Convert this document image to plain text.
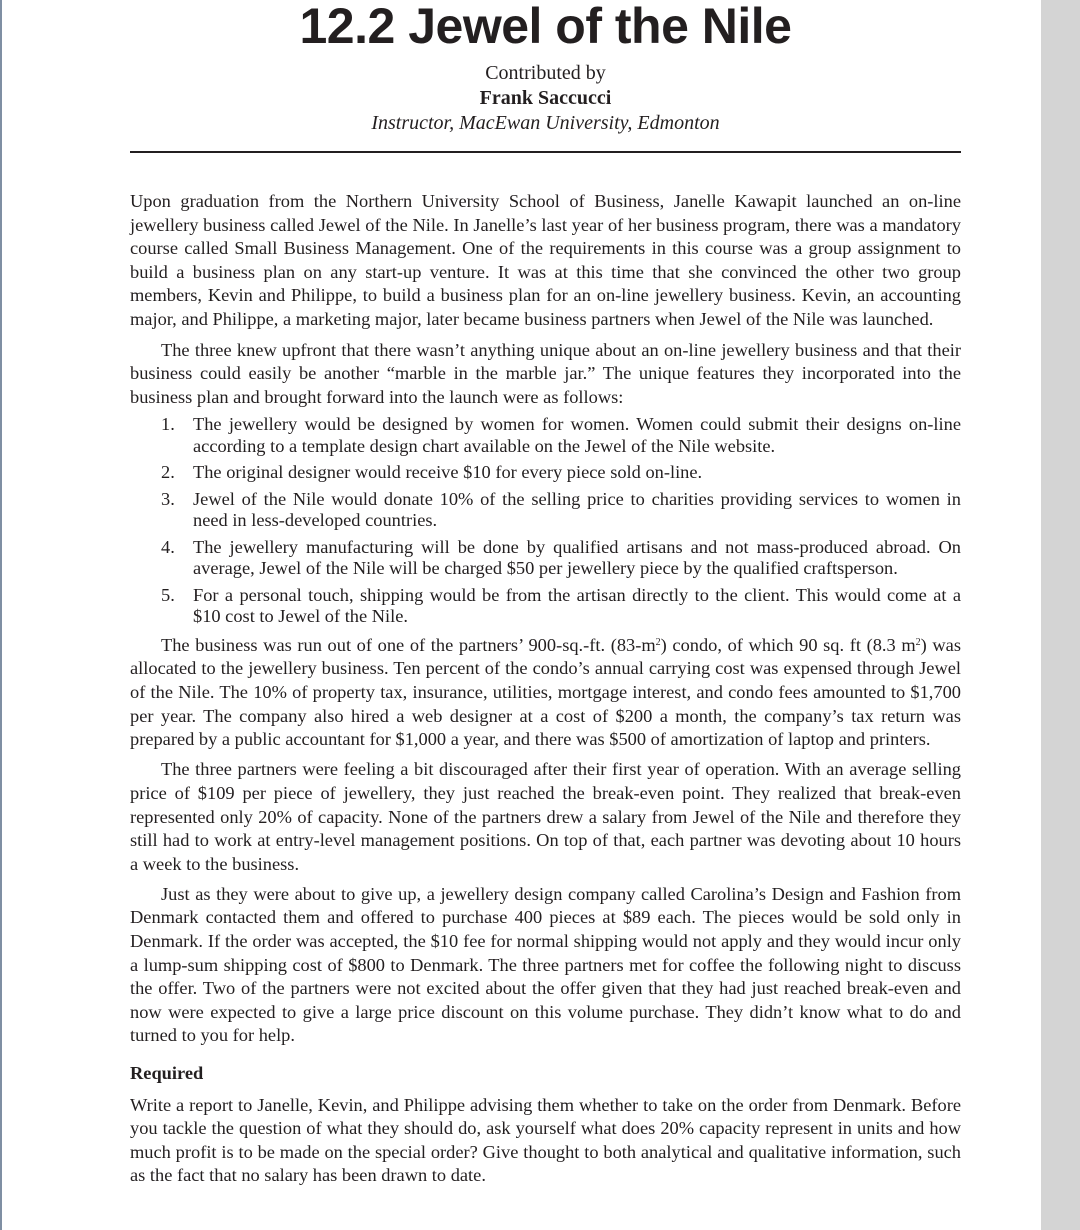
12.2 Jewel of the Nile
Contributed by
Frank Saccucci
Instructor, MacEwan University, Edmonton

Upon graduation from the Northern University School of Business, Janelle Kawapit launched an on-line jewellery business called Jewel of the Nile. In Janelle’s last year of her business program, there was a mandatory course called Small Business Management. One of the requirements in this course was a group assignment to build a business plan on any start-up venture. It was at this time that she convinced the other two group members, Kevin and Philippe, to build a business plan for an on-line jewellery business. Kevin, an accounting major, and Philippe, a marketing major, later became business partners when Jewel of the Nile was launched.

The three knew upfront that there wasn’t anything unique about an on-line jewellery business and that their business could easily be another “marble in the marble jar.” The unique features they incorporated into the business plan and brought forward into the launch were as follows:

1. The jewellery would be designed by women for women. Women could submit their designs on-line according to a template design chart available on the Jewel of the Nile website.
2. The original designer would receive $10 for every piece sold on-line.
3. Jewel of the Nile would donate 10% of the selling price to charities providing services to women in need in less-developed countries.
4. The jewellery manufacturing will be done by qualified artisans and not mass-produced abroad. On average, Jewel of the Nile will be charged $50 per jewellery piece by the qualified craftsperson.
5. For a personal touch, shipping would be from the artisan directly to the client. This would come at a $10 cost to Jewel of the Nile.

The business was run out of one of the partners’ 900-sq.-ft. $(83-m^2)$ condo, of which 90 sq. ft (8.3 $m^2$) was allocated to the jewellery business. Ten percent of the condo’s annual carrying cost was expensed through Jewel of the Nile. The 10% of property tax, insurance, utilities, mortgage interest, and condo fees amounted to $1,700 per year. The company also hired a web designer at a cost of $200 a month, the company’s tax return was prepared by a public accountant for $1,000 a year, and there was $500 of amortization of laptop and printers.

The three partners were feeling a bit discouraged after their first year of operation. With an average selling price of $109 per piece of jewellery, they just reached the break-even point. They realized that break-even represented only 20% of capacity. None of the partners drew a salary from Jewel of the Nile and therefore they still had to work at entry-level management positions. On top of that, each partner was devoting about 10 hours a week to the business.

Just as they were about to give up, a jewellery design company called Carolina’s Design and Fashion from Denmark contacted them and offered to purchase 400 pieces at $89 each. The pieces would be sold only in Denmark. If the order was accepted, the $10 fee for normal shipping would not apply and they would incur only a lump-sum shipping cost of $800 to Denmark. The three partners met for coffee the following night to discuss the offer. Two of the partners were not excited about the offer given that they had just reached break-even and now were expected to give a large price discount on this volume purchase. They didn’t know what to do and turned to you for help.

Required

Write a report to Janelle, Kevin, and Philippe advising them whether to take on the order from Denmark. Before you tackle the question of what they should do, ask yourself what does 20% capacity represent in units and how much profit is to be made on the special order? Give thought to both analytical and qualitative information, such as the fact that no salary has been drawn to date.
